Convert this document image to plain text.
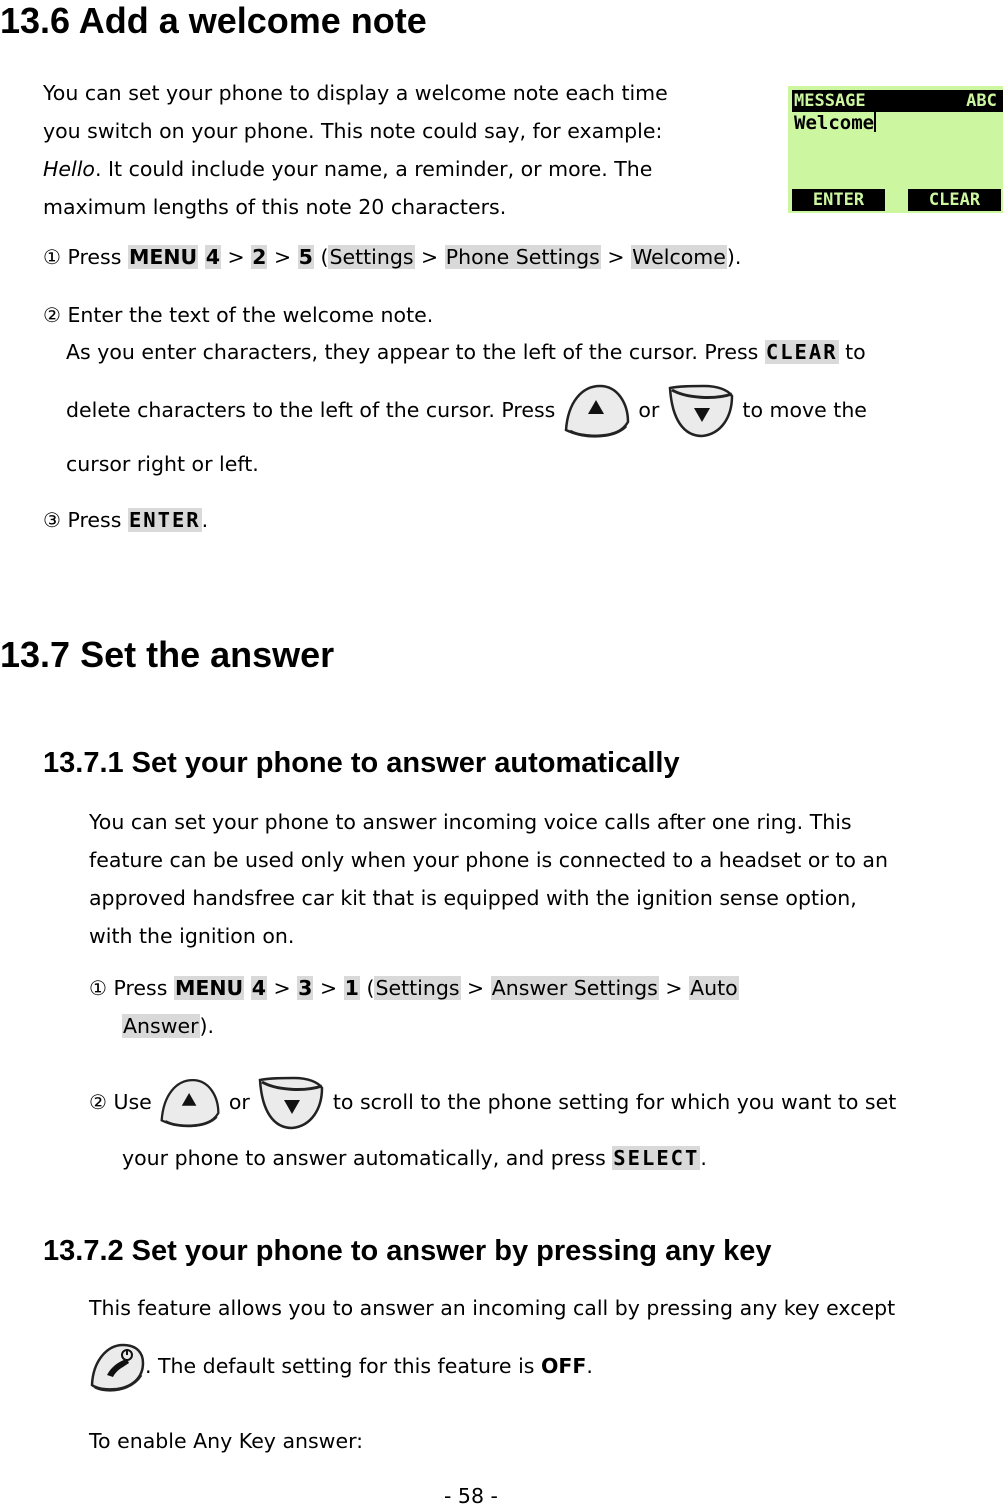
13.6 Add a welcome note
You can set your phone to display a welcome note each time
you switch on your phone. This note could say, for example:
Hello. It could include your name, a reminder, or more. The
maximum lengths of this note 20 characters.
MESSAGE	ABC
Welcome
ENTER	CLEAR
① Press MENU 4 > 2 > 5 (Settings > Phone Settings > Welcome).
② Enter the text of the welcome note.
As you enter characters, they appear to the left of the cursor. Press CLEAR to
delete characters to the left of the cursor. Press	or	to move the
cursor right or left.
③ Press ENTER.
13.7 Set the answer
13.7.1 Set your phone to answer automatically
You can set your phone to answer incoming voice calls after one ring. This
feature can be used only when your phone is connected to a headset or to an
approved handsfree car kit that is equipped with the ignition sense option,
with the ignition on.
① Press MENU 4 > 3 > 1 (Settings > Answer Settings > Auto
Answer).
② Use	or	to scroll to the phone setting for which you want to set
your phone to answer automatically, and press SELECT.
13.7.2 Set your phone to answer by pressing any key
This feature allows you to answer an incoming call by pressing any key except
. The default setting for this feature is OFF.
To enable Any Key answer:
- 58 -
